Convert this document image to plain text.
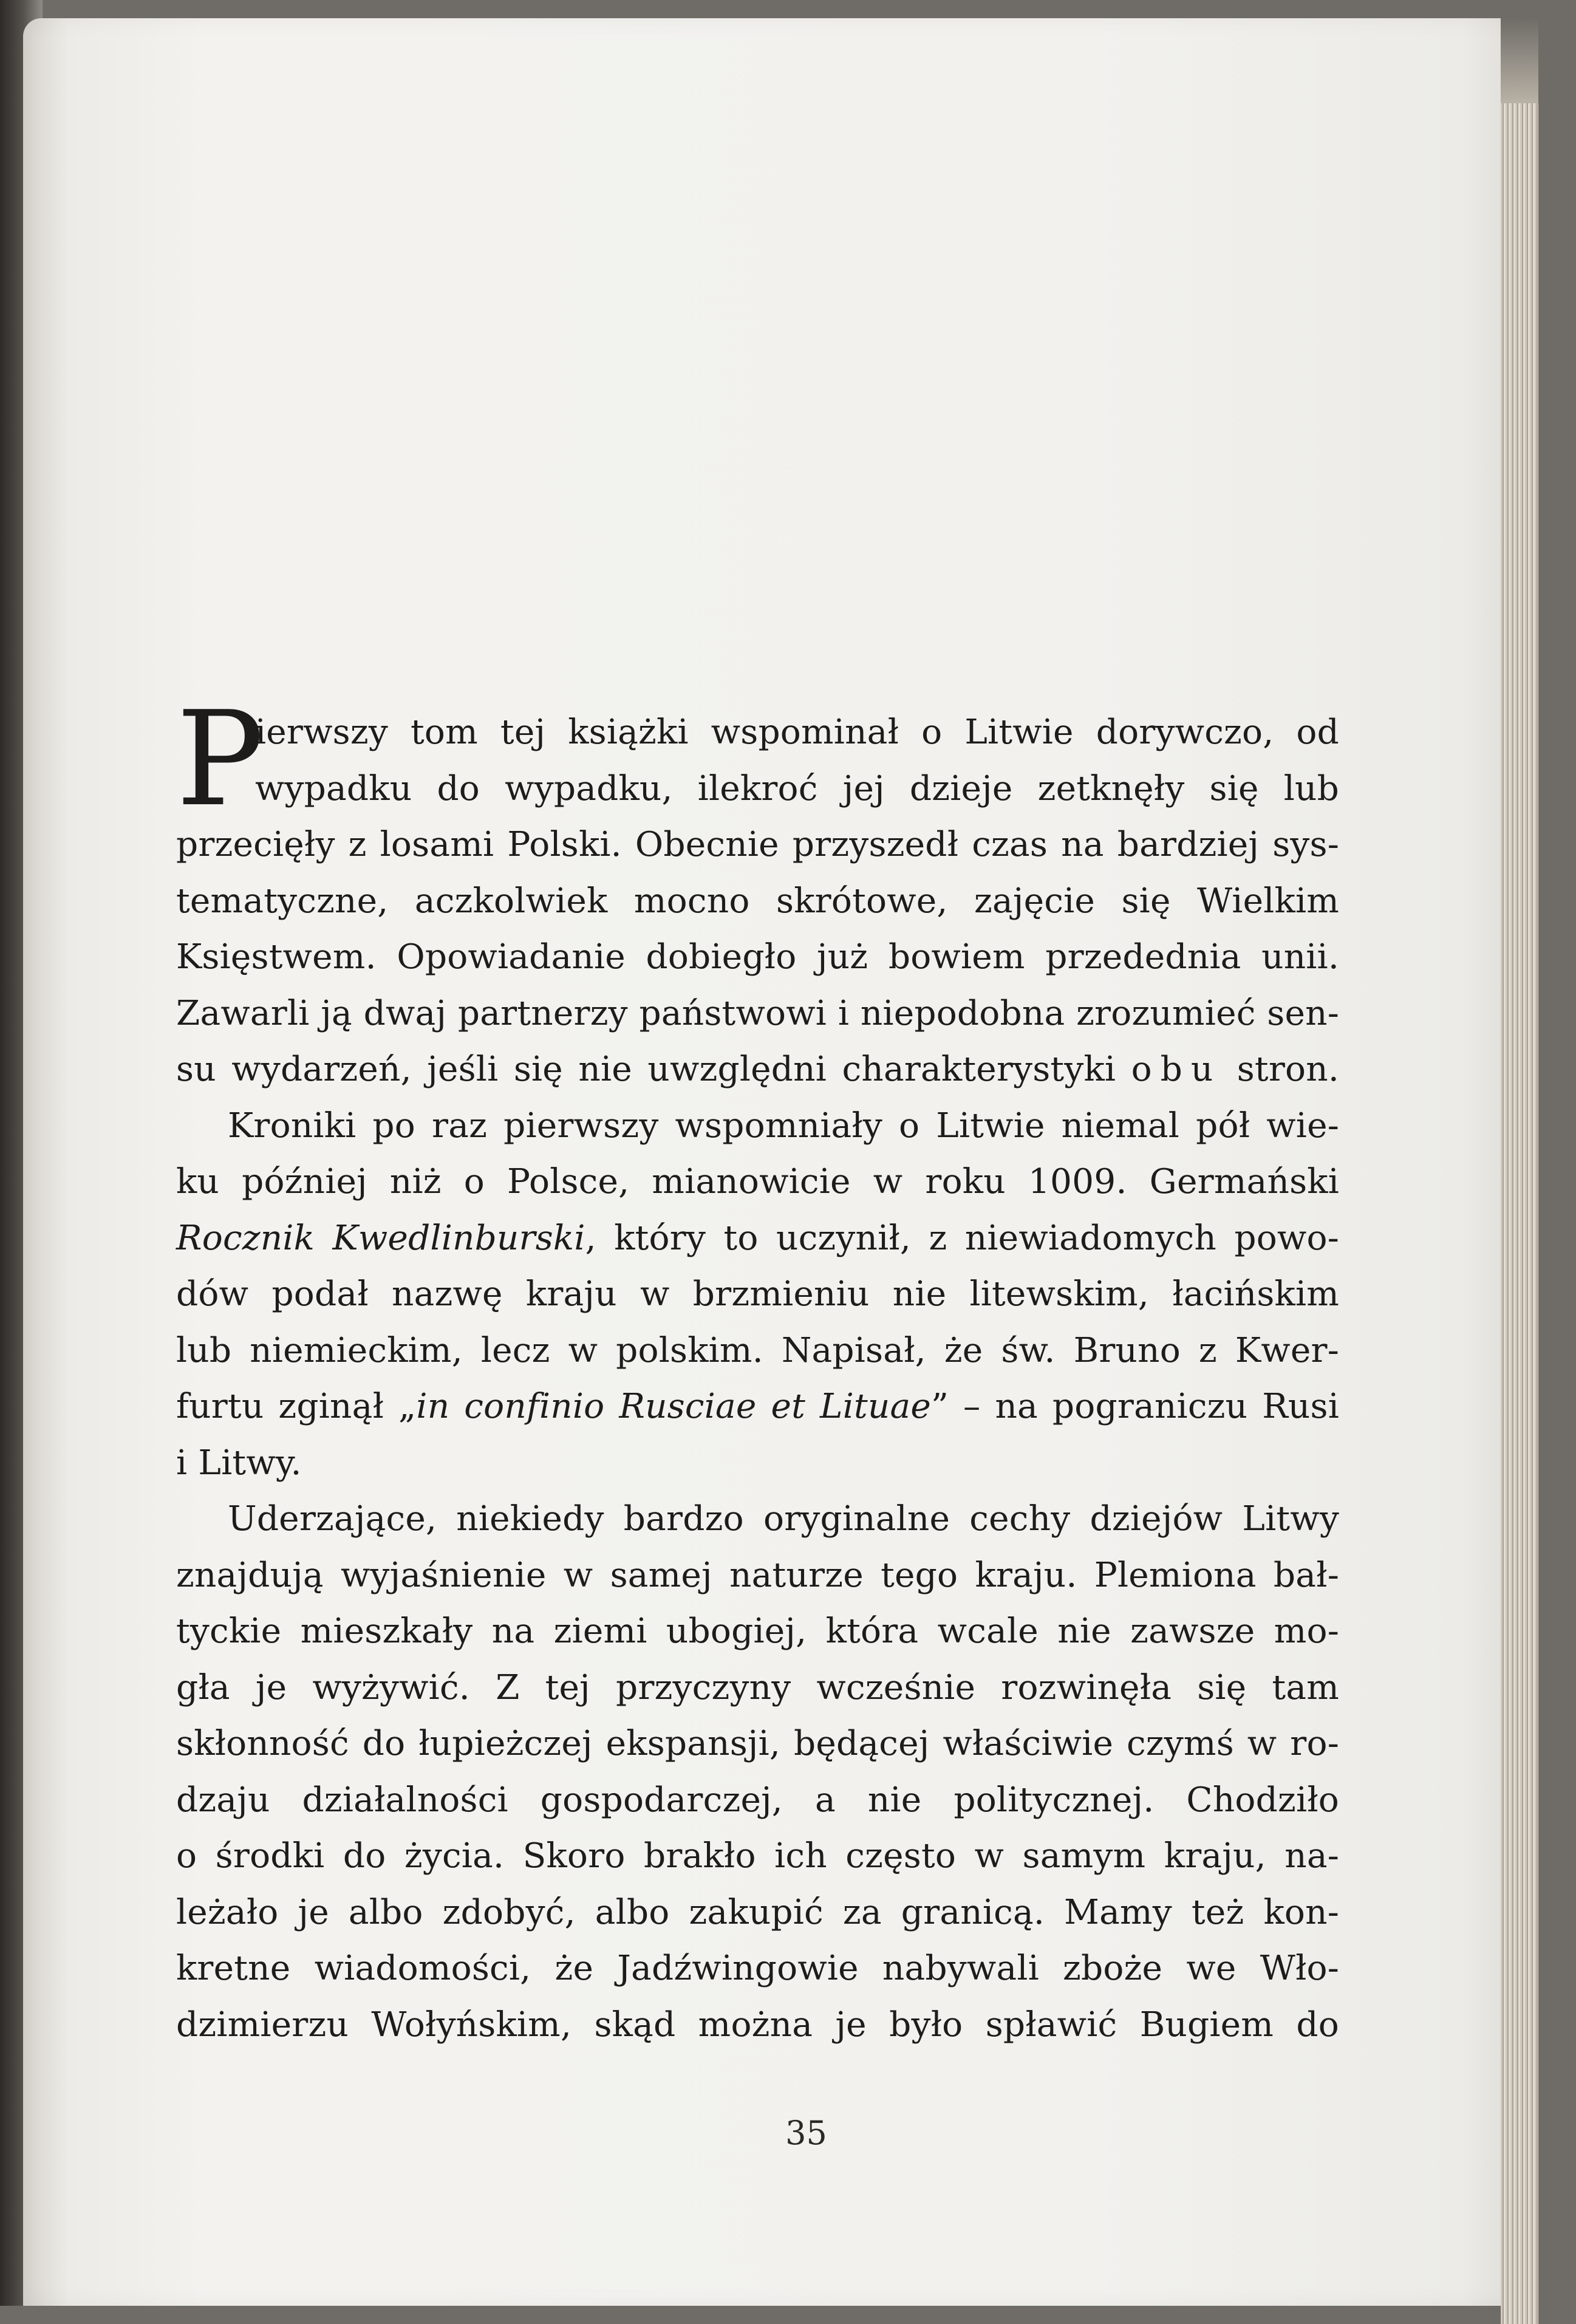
P
ierwszy tom tej książki wspominał o Litwie dorywczo, od
wypadku do wypadku, ilekroć jej dzieje zetknęły się lub
przecięły z losami Polski. Obecnie przyszedł czas na bardziej sys-
tematyczne, aczkolwiek mocno skrótowe, zajęcie się Wielkim
Księstwem. Opowiadanie dobiegło już bowiem przedednia unii.
Zawarli ją dwaj partnerzy państwowi i niepodobna zrozumieć sen-
su wydarzeń, jeśli się nie uwzględni charakterystyki obu stron.
Kroniki po raz pierwszy wspomniały o Litwie niemal pół wie-
ku później niż o Polsce, mianowicie w roku 1009. Germański
Rocznik Kwedlinburski, który to uczynił, z niewiadomych powo-
dów podał nazwę kraju w brzmieniu nie litewskim, łacińskim
lub niemieckim, lecz w polskim. Napisał, że św. Bruno z Kwer-
furtu zginął „in confinio Rusciae et Lituae” – na pograniczu Rusi
i Litwy.
Uderzające, niekiedy bardzo oryginalne cechy dziejów Litwy
znajdują wyjaśnienie w samej naturze tego kraju. Plemiona bał-
tyckie mieszkały na ziemi ubogiej, która wcale nie zawsze mo-
gła je wyżywić. Z tej przyczyny wcześnie rozwinęła się tam
skłonność do łupieżczej ekspansji, będącej właściwie czymś w ro-
dzaju działalności gospodarczej, a nie politycznej. Chodziło
o środki do życia. Skoro brakło ich często w samym kraju, na-
leżało je albo zdobyć, albo zakupić za granicą. Mamy też kon-
kretne wiadomości, że Jadźwingowie nabywali zboże we Wło-
dzimierzu Wołyńskim, skąd można je było spławić Bugiem do
35
